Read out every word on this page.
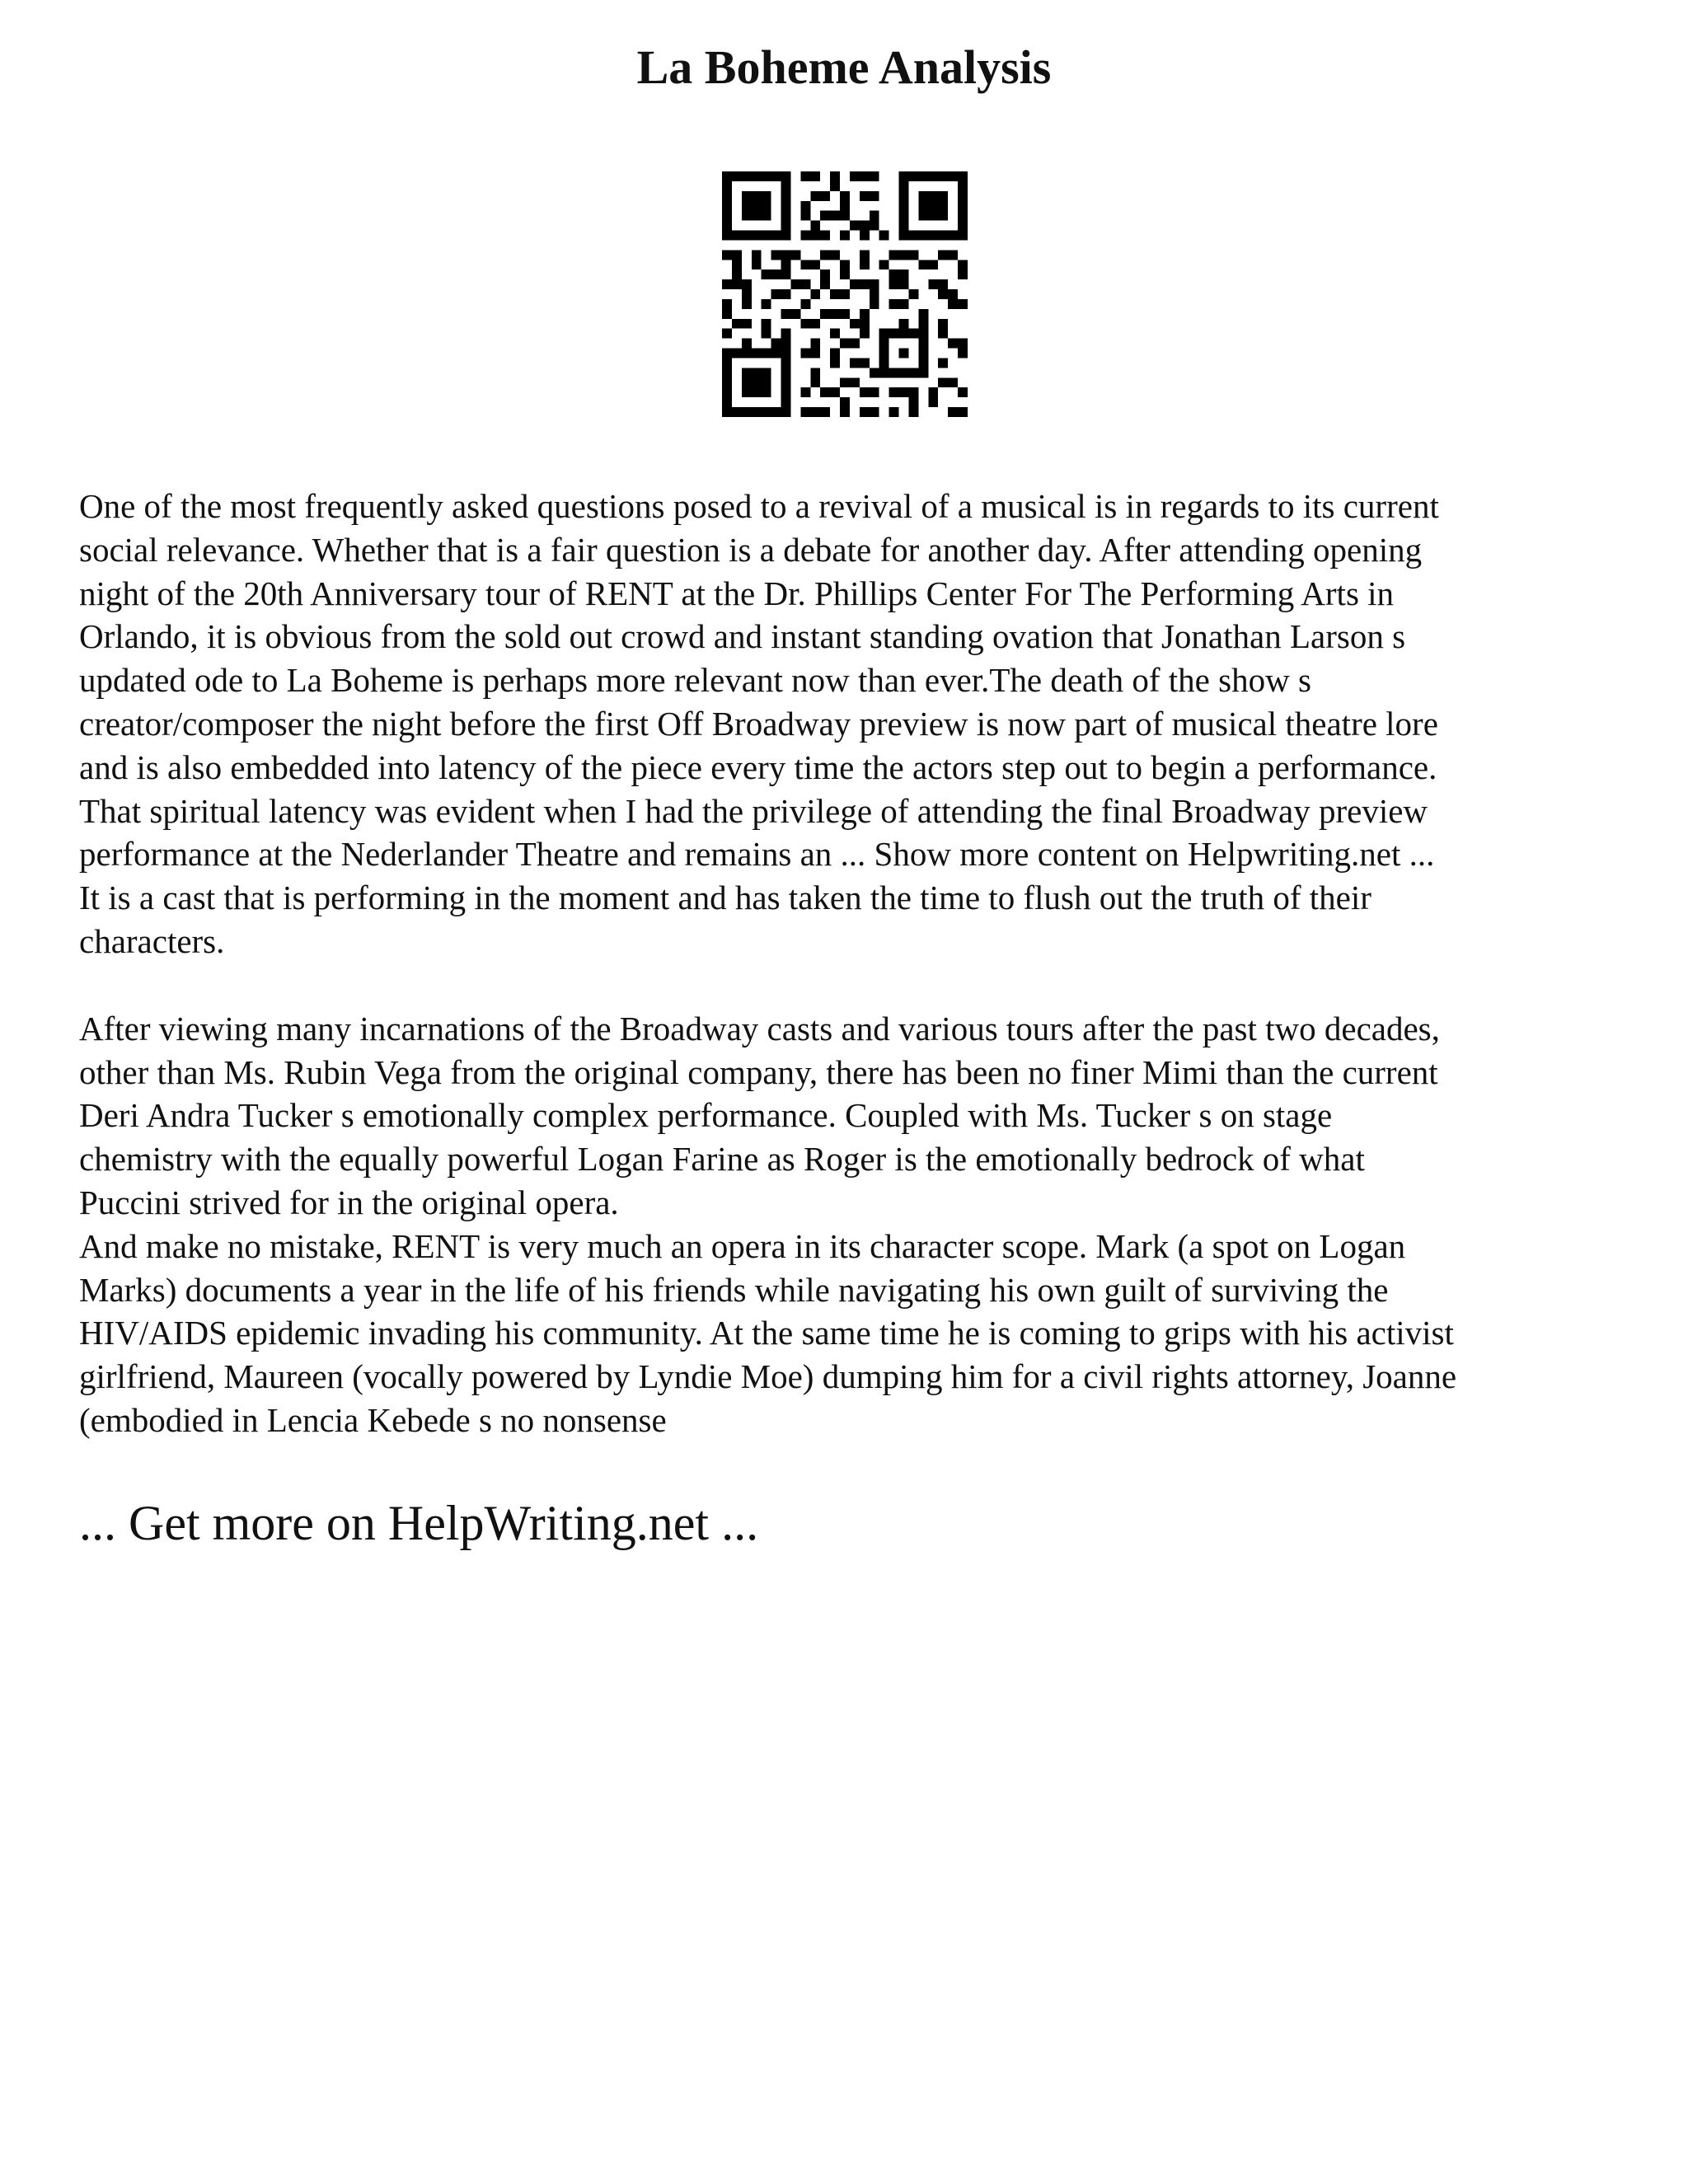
La Boheme Analysis

One of the most frequently asked questions posed to a revival of a musical is in regards to its current
social relevance. Whether that is a fair question is a debate for another day. After attending opening
night of the 20th Anniversary tour of RENT at the Dr. Phillips Center For The Performing Arts in
Orlando, it is obvious from the sold out crowd and instant standing ovation that Jonathan Larson s
updated ode to La Boheme is perhaps more relevant now than ever.The death of the show s
creator/composer the night before the first Off Broadway preview is now part of musical theatre lore
and is also embedded into latency of the piece every time the actors step out to begin a performance.
That spiritual latency was evident when I had the privilege of attending the final Broadway preview
performance at the Nederlander Theatre and remains an ... Show more content on Helpwriting.net ...
It is a cast that is performing in the moment and has taken the time to flush out the truth of their
characters.

After viewing many incarnations of the Broadway casts and various tours after the past two decades,
other than Ms. Rubin Vega from the original company, there has been no finer Mimi than the current
Deri Andra Tucker s emotionally complex performance. Coupled with Ms. Tucker s on stage
chemistry with the equally powerful Logan Farine as Roger is the emotionally bedrock of what
Puccini strived for in the original opera.
And make no mistake, RENT is very much an opera in its character scope. Mark (a spot on Logan
Marks) documents a year in the life of his friends while navigating his own guilt of surviving the
HIV/AIDS epidemic invading his community. At the same time he is coming to grips with his activist
girlfriend, Maureen (vocally powered by Lyndie Moe) dumping him for a civil rights attorney, Joanne
(embodied in Lencia Kebede s no nonsense

... Get more on HelpWriting.net ...
